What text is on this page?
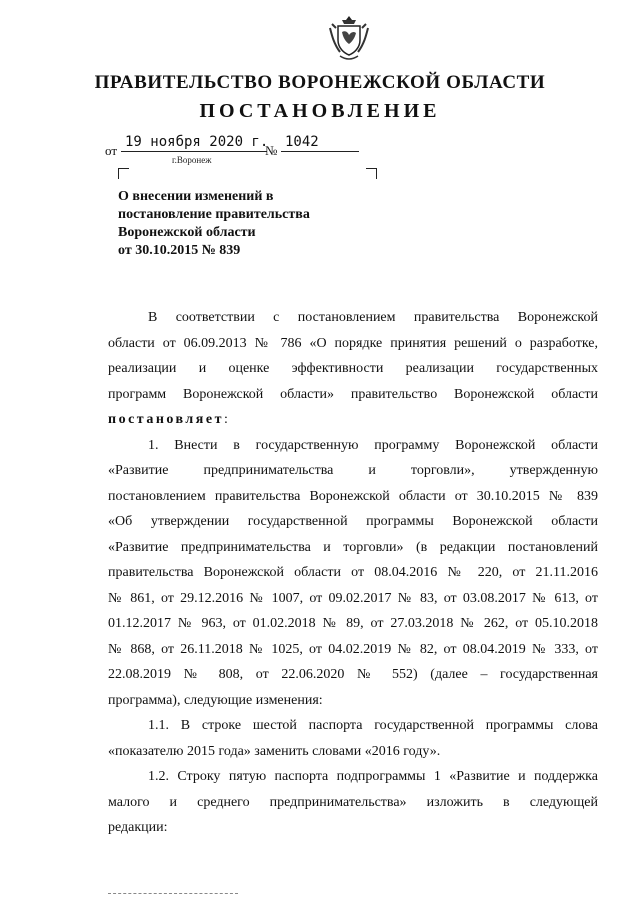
ПРАВИТЕЛЬСТВО ВОРОНЕЖСКОЙ ОБЛАСТИ
ПОСТАНОВЛЕНИЕ
от
19 ноября 2020 г.
№
1042
г.Воронеж
О внесении изменений в
постановление правительства
Воронежской области
от 30.10.2015 № 839
В соответствии с постановлением правительства Воронежской
области от 06.09.2013 № 786 «О порядке принятия решений о разработке,
реализации и оценке эффективности реализации государственных
программ Воронежской области» правительство Воронежской области
постановляет:
1. Внести в государственную программу Воронежской области
«Развитие предпринимательства и торговли», утвержденную
постановлением правительства Воронежской области от 30.10.2015 № 839
«Об утверждении государственной программы Воронежской области
«Развитие предпринимательства и торговли» (в редакции постановлений
правительства Воронежской области от 08.04.2016 № 220, от 21.11.2016
№ 861, от 29.12.2016 № 1007, от 09.02.2017 № 83, от 03.08.2017 № 613, от
01.12.2017 № 963, от 01.02.2018 № 89, от 27.03.2018 № 262, от 05.10.2018
№ 868, от 26.11.2018 № 1025, от 04.02.2019 № 82, от 08.04.2019 № 333, от
22.08.2019 № 808, от 22.06.2020 № 552) (далее – государственная
программа), следующие изменения:
1.1. В строке шестой паспорта государственной программы слова
«показателю 2015 года» заменить словами «2016 году».
1.2. Строку пятую паспорта подпрограммы 1 «Развитие и поддержка
малого и среднего предпринимательства» изложить в следующей
редакции:
